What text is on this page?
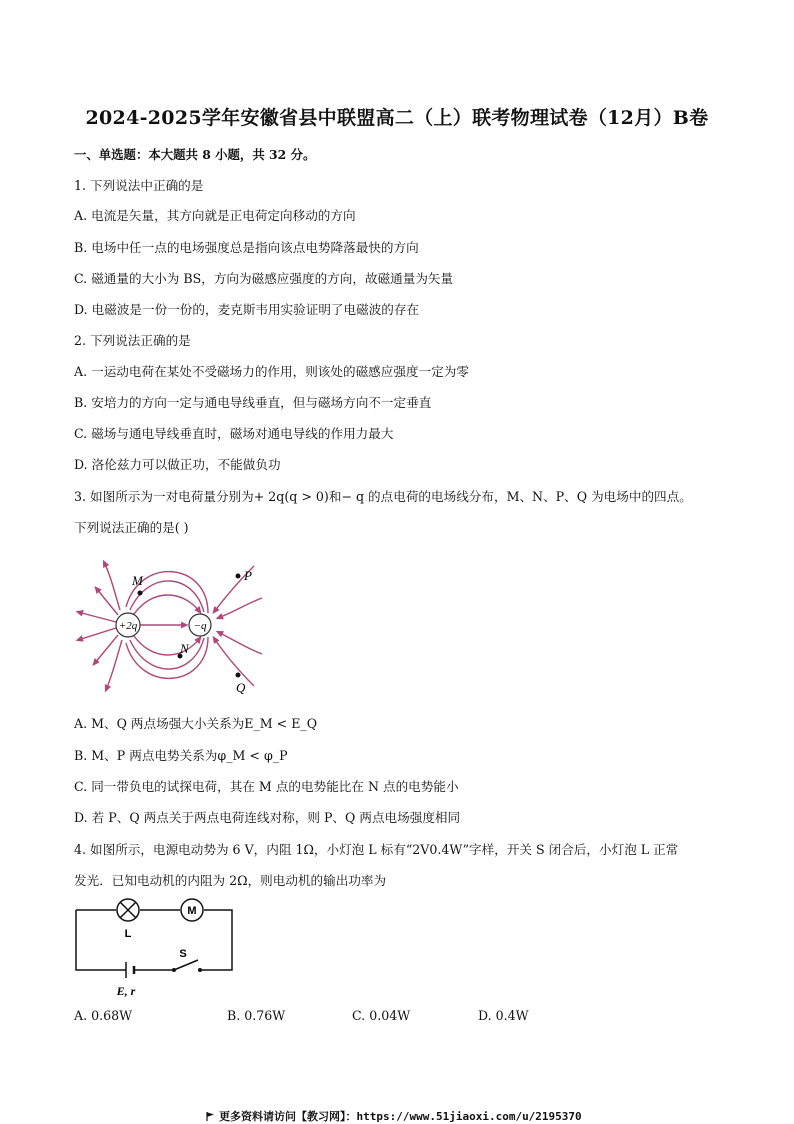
2024-2025学年安徽省县中联盟高二（上）联考物理试卷（12月）B卷
一、单选题：本大题共 8 小题，共 32 分。
1. 下列说法中正确的是
A. 电流是矢量，其方向就是正电荷定向移动的方向
B. 电场中任一点的电场强度总是指向该点电势降落最快的方向
C. 磁通量的大小为 BS，方向为磁感应强度的方向，故磁通量为矢量
D. 电磁波是一份一份的，麦克斯韦用实验证明了电磁波的存在
2. 下列说法正确的是
A. 一运动电荷在某处不受磁场力的作用，则该处的磁感应强度一定为零
B. 安培力的方向一定与通电导线垂直，但与磁场方向不一定垂直
C. 磁场与通电导线垂直时，磁场对通电导线的作用力最大
D. 洛伦兹力可以做正功，不能做负功
3. 如图所示为一对电荷量分别为+ 2q(q > 0)和− q 的点电荷的电场线分布，M、N、P、Q 为电场中的四点。
下列说法正确的是( )
+2q	−q
M	P
N
Q
A. M、Q 两点场强大小关系为E_M < E_Q
B. M、P 两点电势关系为φ_M < φ_P
C. 同一带负电的试探电荷，其在 M 点的电势能比在 N 点的电势能小
D. 若 P、Q 两点关于两点电荷连线对称，则 P、Q 两点电场强度相同
4. 如图所示，电源电动势为 6 V，内阻 1Ω，小灯泡 L 标有“2V0.4W”字样，开关 S 闭合后，小灯泡 L 正常
发光．已知电动机的内阻为 2Ω，则电动机的输出功率为
M
L
S
E, r
A. 0.68W	B. 0.76W	C. 0.04W	D. 0.4W
更多资料请访问【教习网】：https://www.51jiaoxi.com/u/2195370
